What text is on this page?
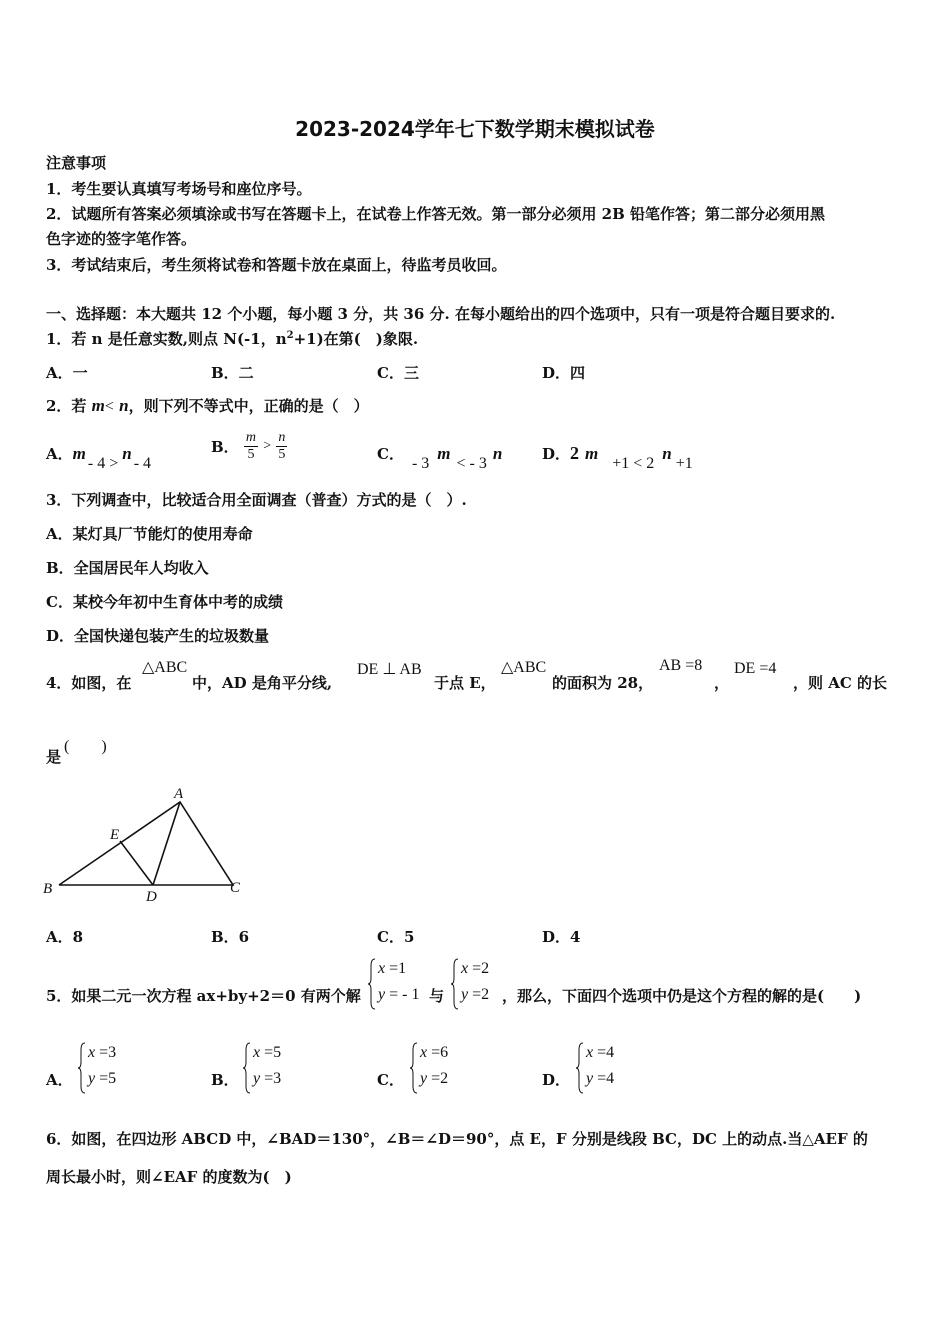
2023-2024学年七下数学期末模拟试卷
注意事项
1．考生要认真填写考场号和座位序号。
2．试题所有答案必须填涂或书写在答题卡上，在试卷上作答无效。第一部分必须用 2B 铅笔作答；第二部分必须用黑
色字迹的签字笔作答。
3．考试结束后，考生须将试卷和答题卡放在桌面上，待监考员收回。
一、选择题：本大题共 12 个小题，每小题 3 分，共 36 分. 在每小题给出的四个选项中，只有一项是符合题目要求的.
1．若 n 是任意实数,则点 N(-1，$n^2+1$)在第(　)象限.
A．一	B．二	C．三	D．四
2．若 m< n，则下列不等式中，正确的是（　）
A．m- 4 >n- 4
B． $\frac{m}{5} > \frac{n}{5}$	C．- 3m< - 3n	D．2 m+1 < 2n+1
3．下列调查中，比较适合用全面调查（普查）方式的是（　）.
A．某灯具厂节能灯的使用寿命
B．全国居民年人均收入
C．某校今年初中生育体中考的成绩
D．全国快递包装产生的垃圾数量
4．如图，在
△ABC
中，AD 是角平分线,
DE ⊥ AB
于点 E，
△ABC
的面积为 28，
AB =8
，
DE =4
，则 AC 的长
是
(　　)
A
E
B	D
C
A．8	B．6	C．5	D．4
5．如果二元一次方程 ax+by+2＝0 有两个解
x =1
y = - 1 与
x =2
y =2 ，那么，下面四个选项中仍是这个方程的解的是(　　)
A．
x =3
y =5	B．
x =5
y =3	C．
x =6
y =2	D．
x =4
y =4
6．如图，在四边形 ABCD 中，∠BAD＝130°，∠B＝∠D＝90°，点 E，F 分别是线段 BC，DC 上的动点.当△AEF 的
周长最小时，则∠EAF 的度数为(　)
